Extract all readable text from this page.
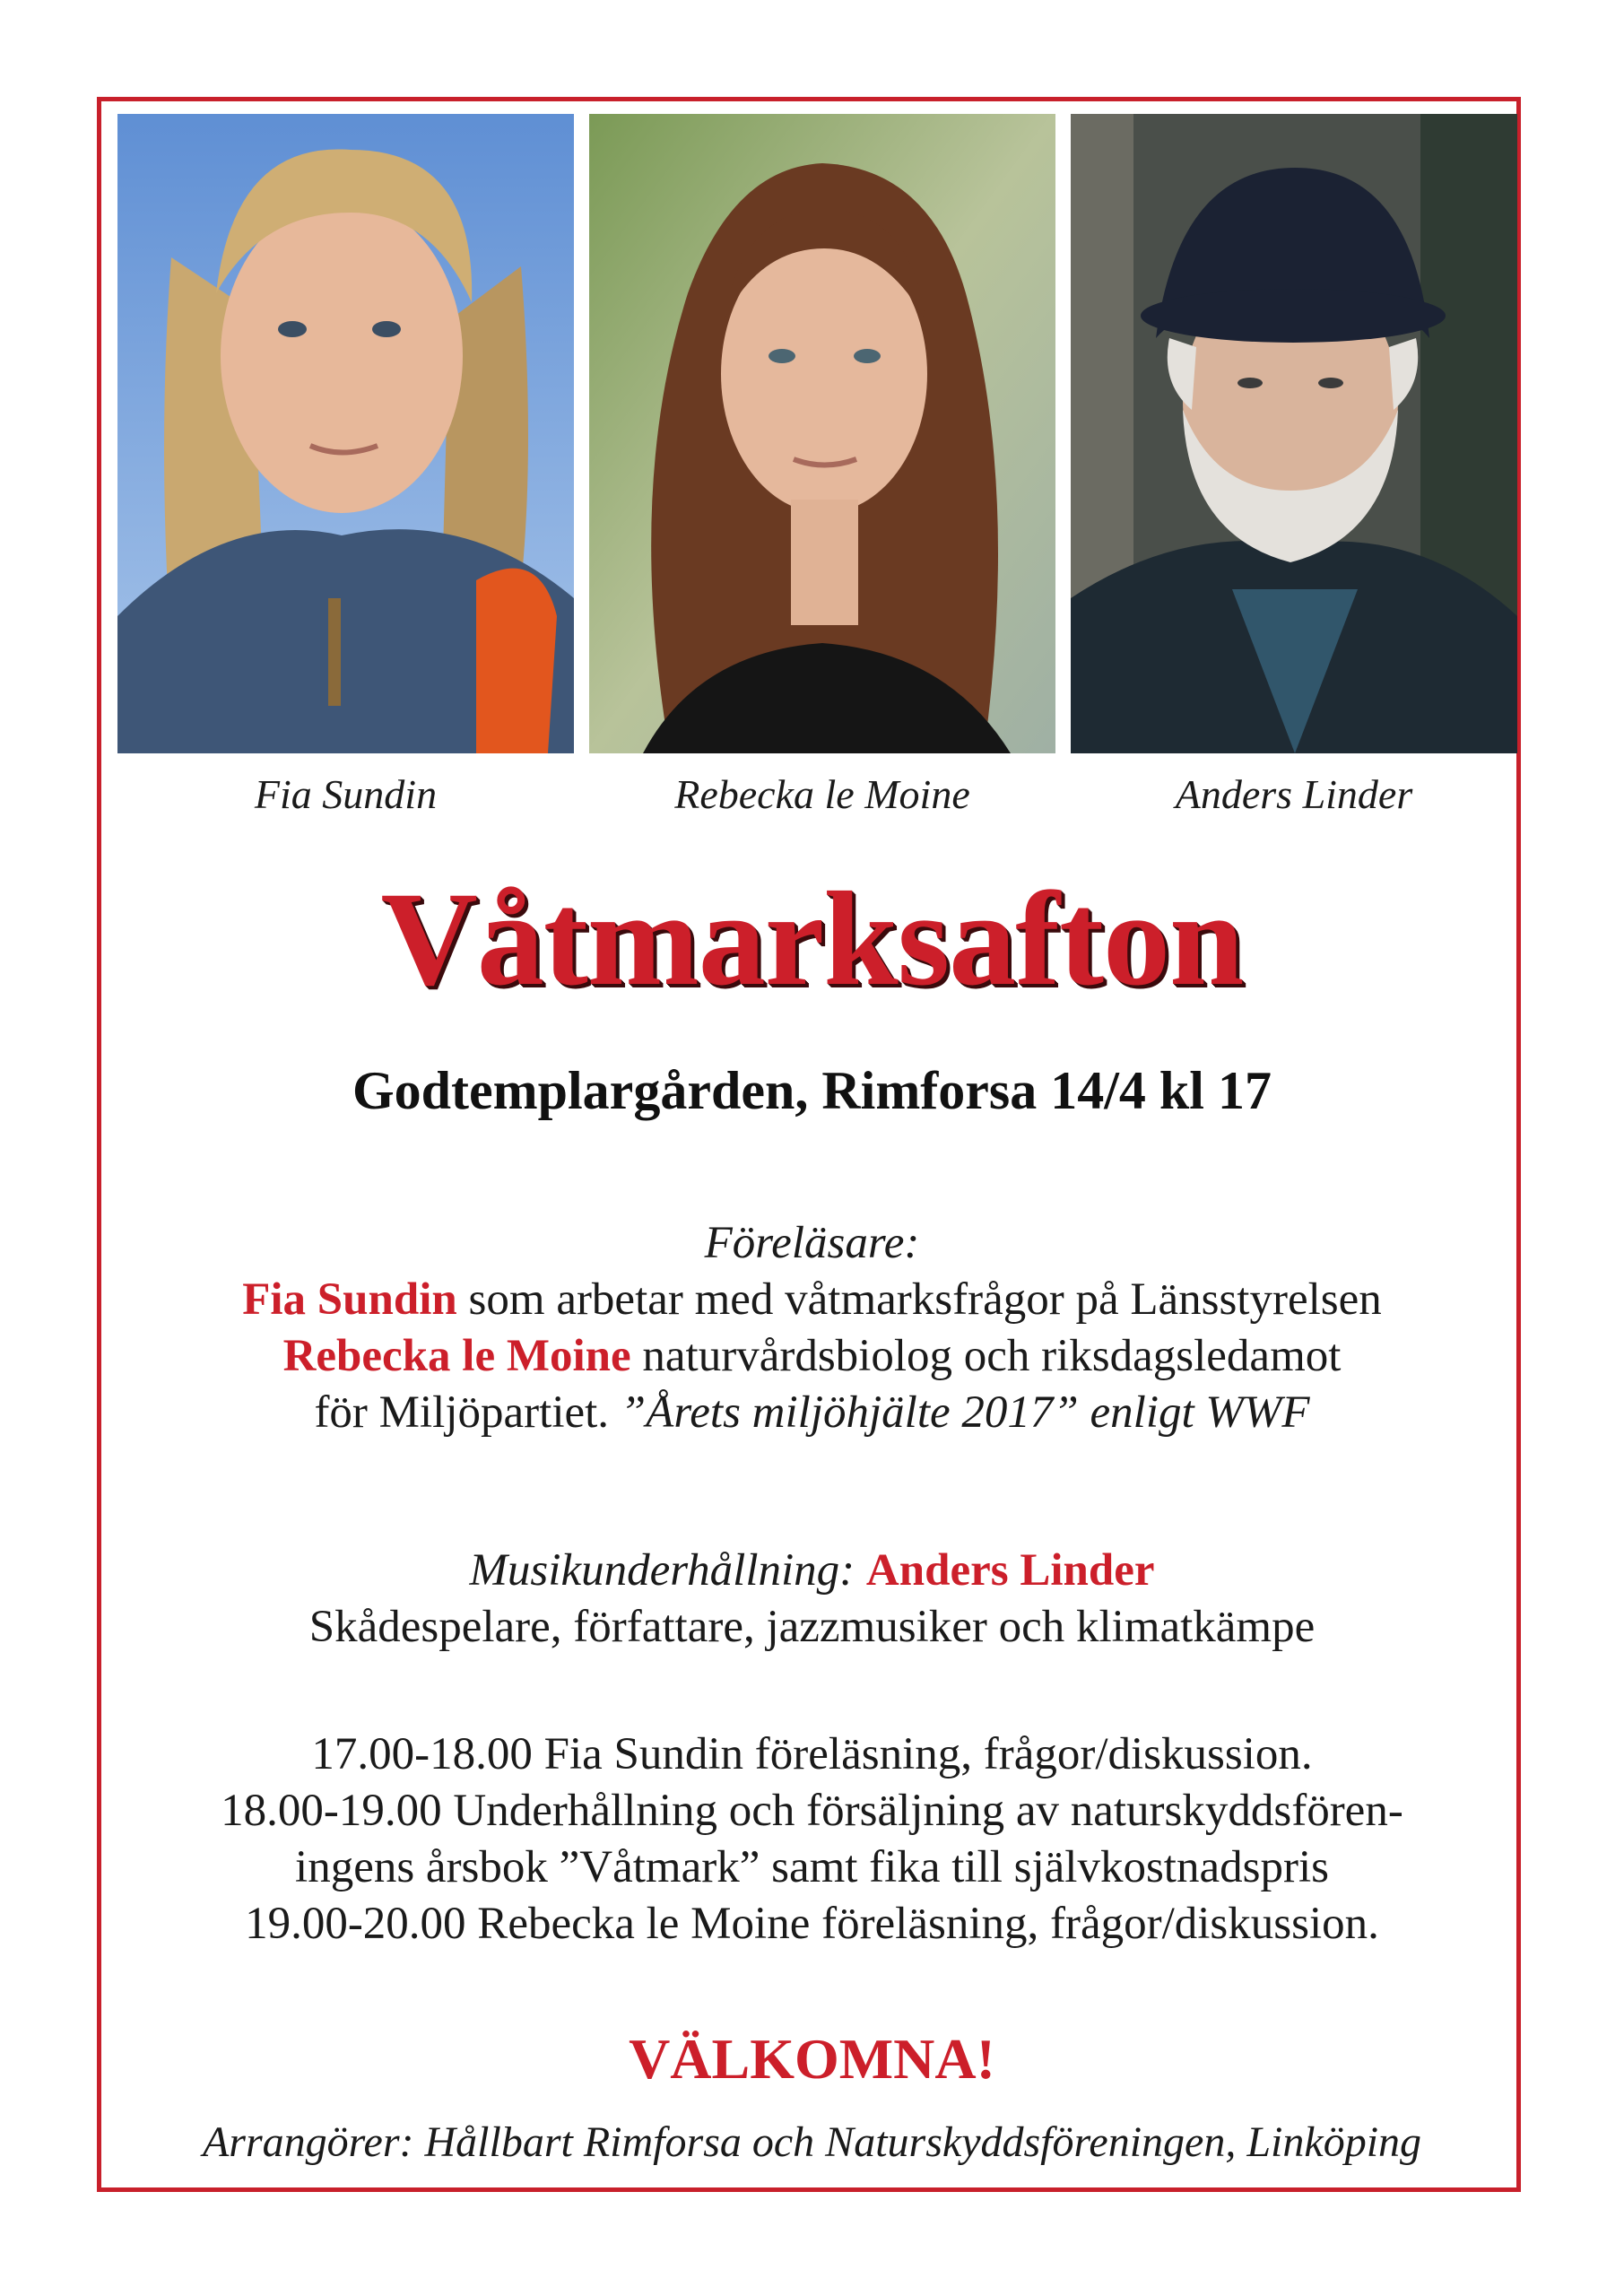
Fia Sundin	Rebecka le Moine	Anders Linder
Våtmarksafton
Godtemplargården, Rimforsa 14/4 kl 17
Föreläsare:
Fia Sundin som arbetar med våtmarksfrågor på Länsstyrelsen
Rebecka le Moine naturvårdsbiolog och riksdagsledamot
för Miljöpartiet. ”Årets miljöhjälte 2017” enligt WWF
Musikunderhållning: Anders Linder
Skådespelare, författare, jazzmusiker och klimatkämpe
17.00-18.00 Fia Sundin föreläsning, frågor/diskussion.
18.00-19.00 Underhållning och försäljning av naturskyddsfören-
ingens årsbok ”Våtmark” samt fika till självkostnadspris
19.00-20.00 Rebecka le Moine föreläsning, frågor/diskussion.
VÄLKOMNA!
Arrangörer: Hållbart Rimforsa och Naturskyddsföreningen, Linköping
